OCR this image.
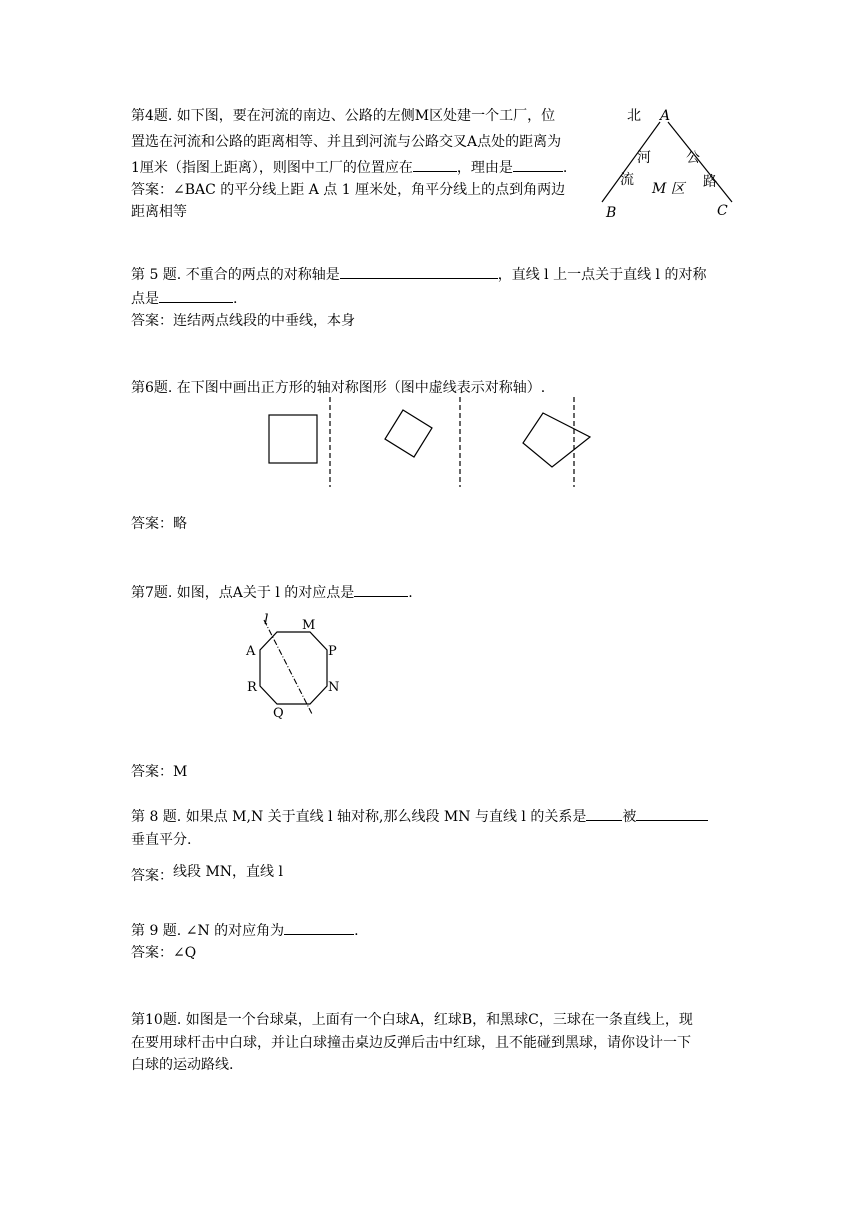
第4题. 如下图，要在河流的南边、公路的左侧M区处建一个工厂，位
置选在河流和公路的距离相等、并且到河流与公路交叉A点处的距离为
1厘米（指图上距离），则图中工厂的位置应在	，理由是	.
答案：∠BAC 的平分线上距 A 点 1 厘米处，角平分线上的点到角两边
距离相等
北 A
河
流
公
路
M 区
B	C
第 5 题. 不重合的两点的对称轴是	，直线 l 上一点关于直线 l 的对称
点是	.
答案：连结两点线段的中垂线，本身
第6题. 在下图中画出正方形的轴对称图形（图中虚线表示对称轴）.
答案：略
第7题. 如图，点A关于 l 的对应点是	.
l	M
A	P
R	N
Q
答案：M
第 8 题. 如果点 M,N 关于直线 l 轴对称,那么线段 MN 与直线 l 的关系是	被
垂直平分.
答案：线段 MN，直线 l
第 9 题. ∠N 的对应角为	.
答案：∠Q
第10题. 如图是一个台球桌，上面有一个白球A，红球B，和黑球C，三球在一条直线上，现
在要用球杆击中白球，并让白球撞击桌边反弹后击中红球，且不能碰到黑球，请你设计一下
白球的运动路线.
